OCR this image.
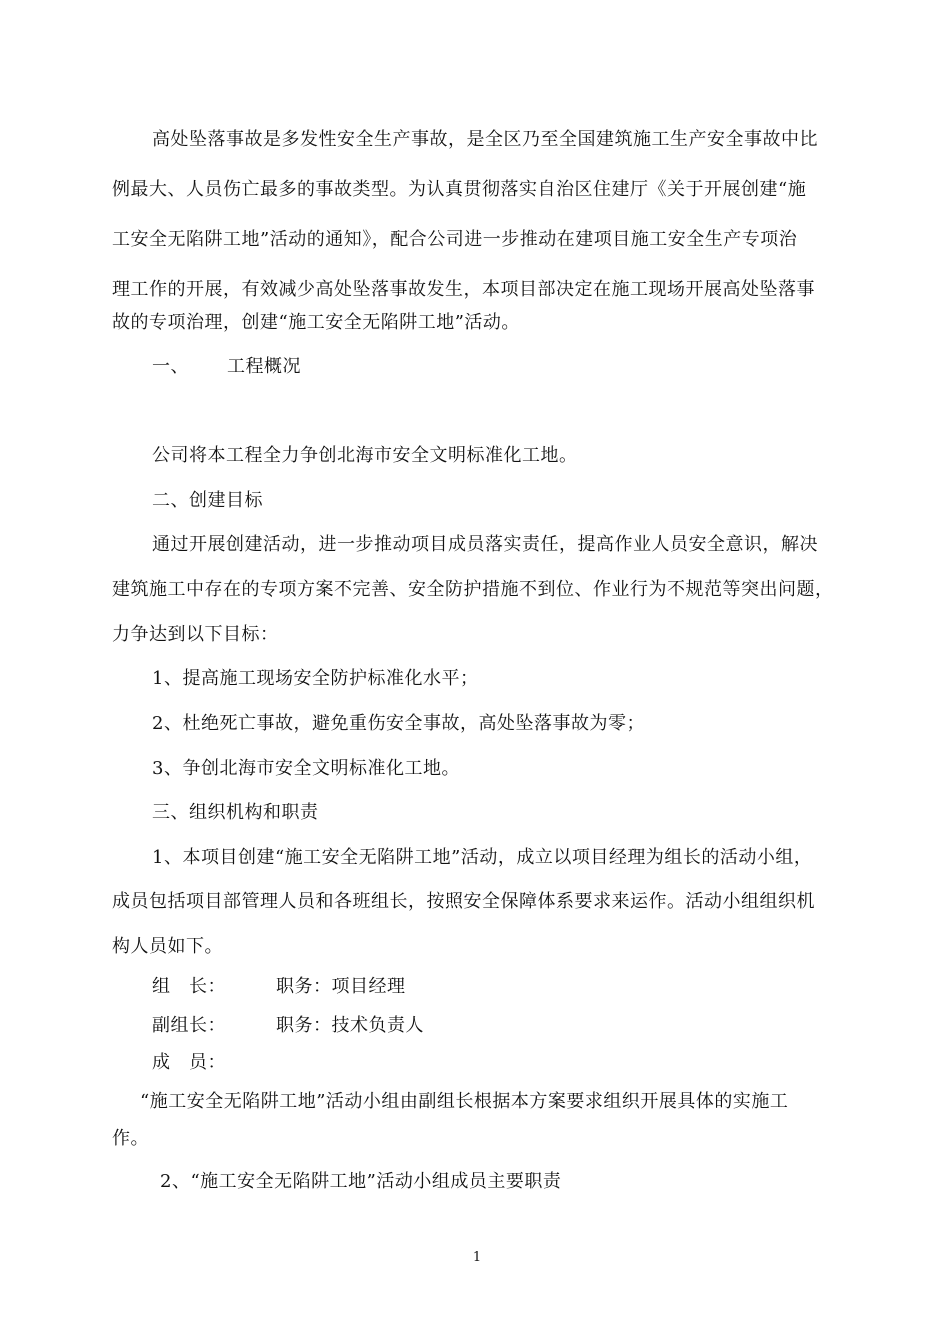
高处坠落事故是多发性安全生产事故，是全区乃至全国建筑施工生产安全事故中比
例最大、人员伤亡最多的事故类型。为认真贯彻落实自治区住建厅《关于开展创建“施
工安全无陷阱工地”活动的通知》，配合公司进一步推动在建项目施工安全生产专项治
理工作的开展，有效减少高处坠落事故发生，本项目部决定在施工现场开展高处坠落事
故的专项治理，创建“施工安全无陷阱工地”活动。
一、 工程概况
公司将本工程全力争创北海市安全文明标准化工地。
二、创建目标
通过开展创建活动，进一步推动项目成员落实责任，提高作业人员安全意识，解决
建筑施工中存在的专项方案不完善、安全防护措施不到位、作业行为不规范等突出问题，
力争达到以下目标：
1、提高施工现场安全防护标准化水平；
2、杜绝死亡事故，避免重伤安全事故，高处坠落事故为零；
3、争创北海市安全文明标准化工地。
三、组织机构和职责
1、本项目创建“施工安全无陷阱工地”活动，成立以项目经理为组长的活动小组，
成员包括项目部管理人员和各班组长，按照安全保障体系要求来运作。活动小组组织机
构人员如下。
组　长：	职务：项目经理
副组长：	职务：技术负责人
成　员：
“施工安全无陷阱工地”活动小组由副组长根据本方案要求组织开展具体的实施工
作。
2、“施工安全无陷阱工地”活动小组成员主要职责
1
